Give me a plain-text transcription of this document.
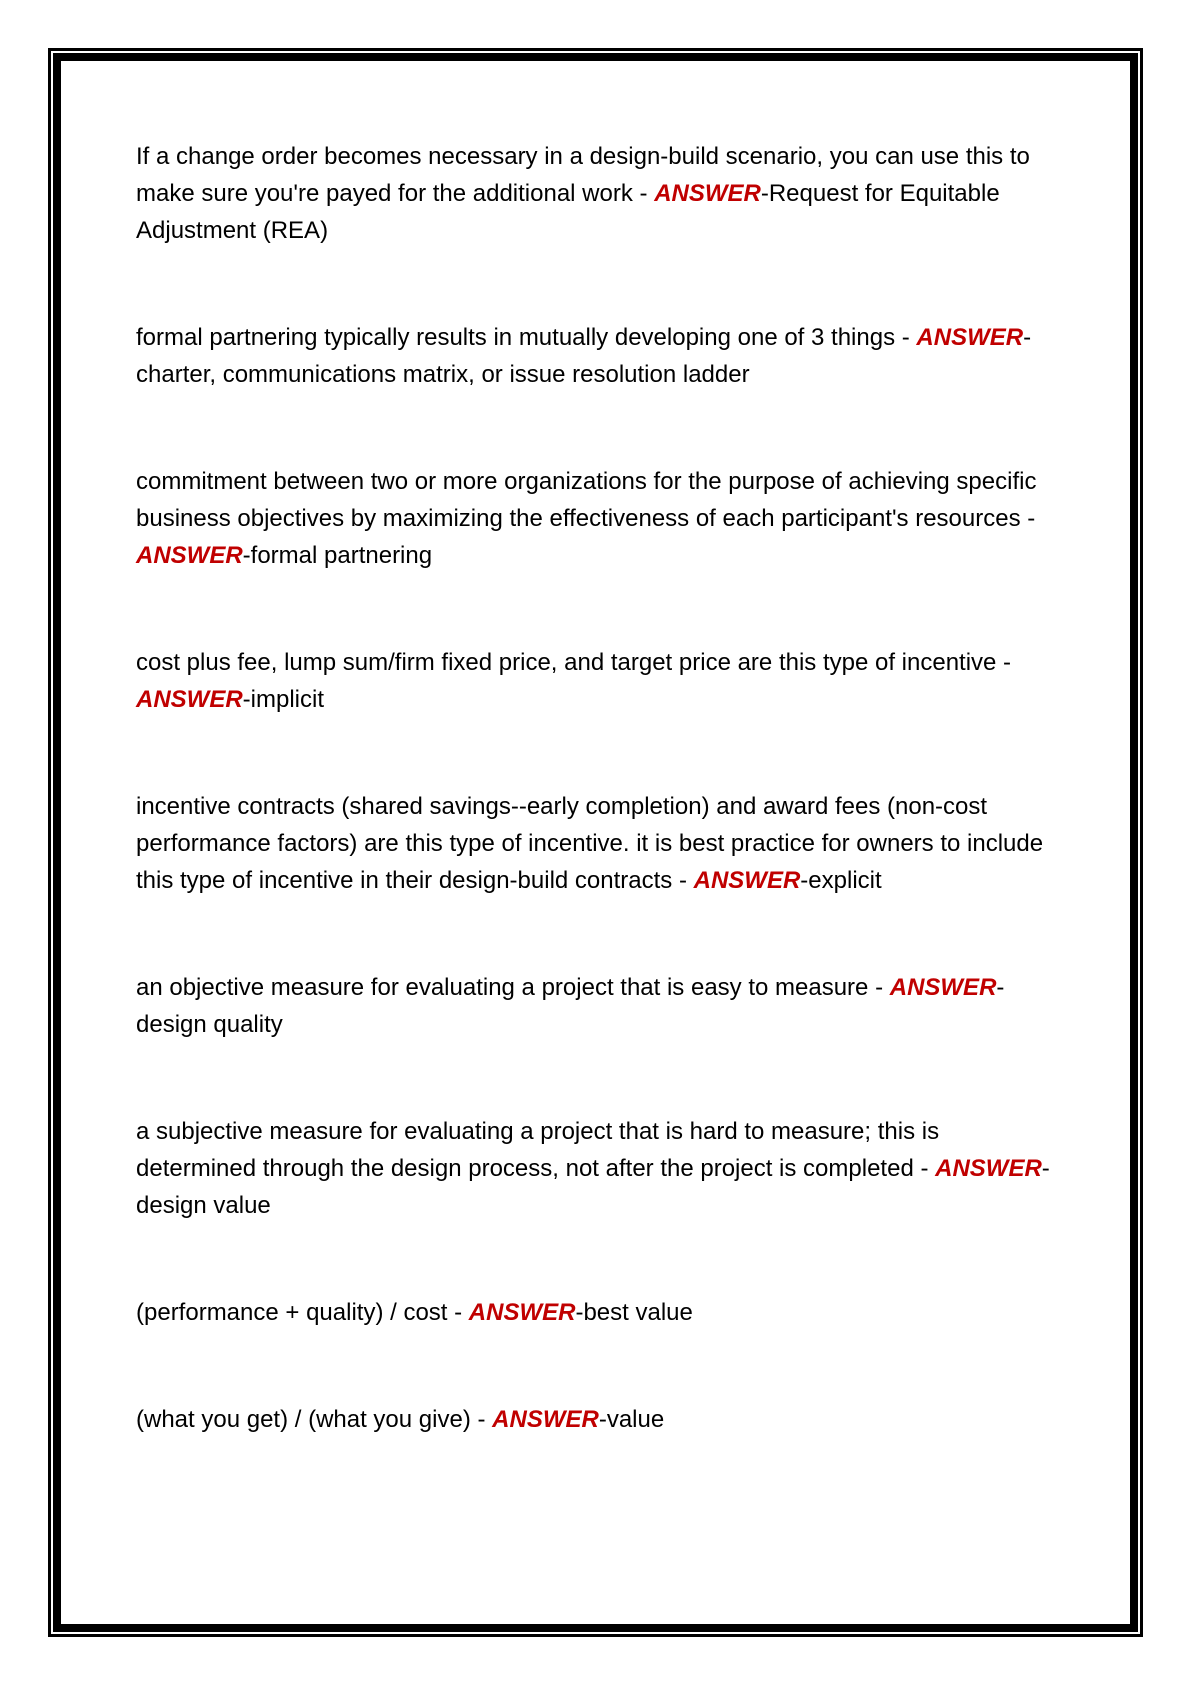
If a change order becomes necessary in a design-build scenario, you can use this to make sure you're payed for the additional work - ANSWER-Request for Equitable Adjustment (REA)

formal partnering typically results in mutually developing one of 3 things - ANSWER-charter, communications matrix, or issue resolution ladder

commitment between two or more organizations for the purpose of achieving specific business objectives by maximizing the effectiveness of each participant's resources - ANSWER-formal partnering

cost plus fee, lump sum/firm fixed price, and target price are this type of incentive - ANSWER-implicit

incentive contracts (shared savings--early completion) and award fees (non-cost performance factors) are this type of incentive. it is best practice for owners to include this type of incentive in their design-build contracts - ANSWER-explicit

an objective measure for evaluating a project that is easy to measure - ANSWER-design quality

a subjective measure for evaluating a project that is hard to measure; this is determined through the design process, not after the project is completed - ANSWER-design value

(performance + quality) / cost - ANSWER-best value

(what you get) / (what you give) - ANSWER-value
